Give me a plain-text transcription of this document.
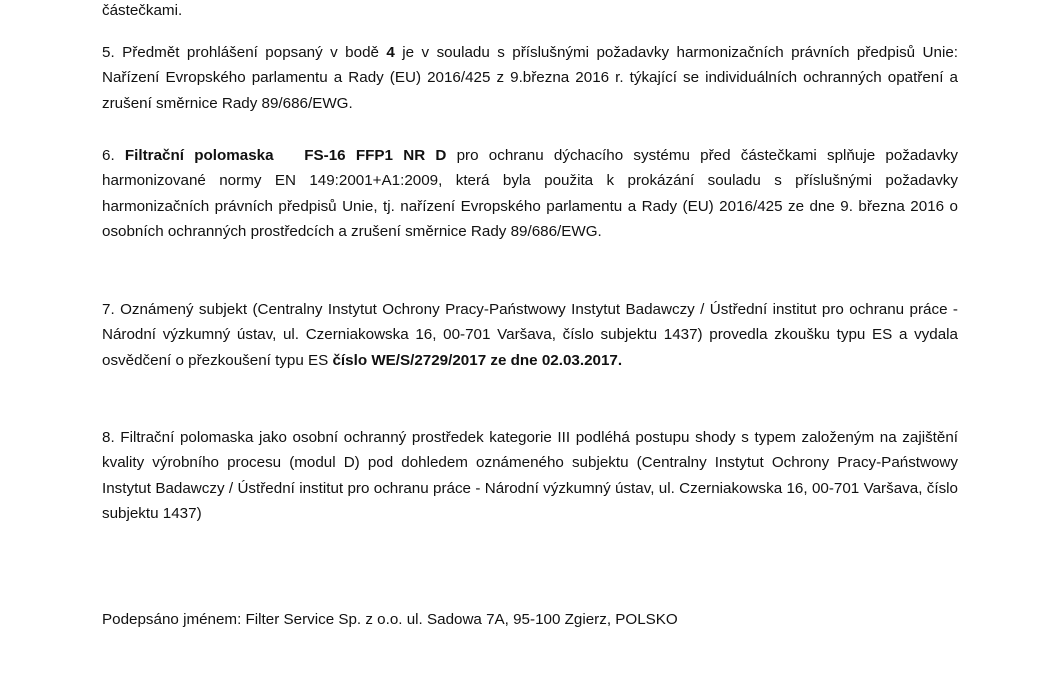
částečkami.

5. Předmět prohlášení popsaný v bodě 4 je v souladu s příslušnými požadavky harmonizačních právních předpisů Unie: Nařízení Evropského parlamentu a Rady (EU) 2016/425 z 9.března 2016 r. týkající se individuálních ochranných opatření a zrušení směrnice Rady 89/686/EWG.

6. Filtrační polomaska   FS-16 FFP1 NR D pro ochranu dýchacího systému před částečkami splňuje požadavky harmonizované normy EN 149:2001+A1:2009, která byla použita k prokázání souladu s příslušnými požadavky harmonizačních právních předpisů Unie, tj. nařízení Evropského parlamentu a Rady (EU) 2016/425 ze dne 9. března 2016 o osobních ochranných prostředcích a zrušení směrnice Rady 89/686/EWG.

7. Oznámený subjekt (Centralny Instytut Ochrony Pracy-Państwowy Instytut Badawczy / Ústřední institut pro ochranu práce - Národní výzkumný ústav, ul. Czerniakowska 16, 00-701 Varšava, číslo subjektu 1437) provedla zkoušku typu ES a vydala osvědčení o přezkoušení typu ES číslo WE/S/2729/2017 ze dne 02.03.2017.

8. Filtrační polomaska jako osobní ochranný prostředek kategorie III podléhá postupu shody s typem založeným na zajištění kvality výrobního procesu (modul D) pod dohledem oznámeného subjektu (Centralny Instytut Ochrony Pracy-Państwowy Instytut Badawczy / Ústřední institut pro ochranu práce - Národní výzkumný ústav, ul. Czerniakowska 16, 00-701 Varšava, číslo subjektu 1437)

Podepsáno jménem: Filter Service Sp. z o.o. ul. Sadowa 7A, 95-100 Zgierz, POLSKO
